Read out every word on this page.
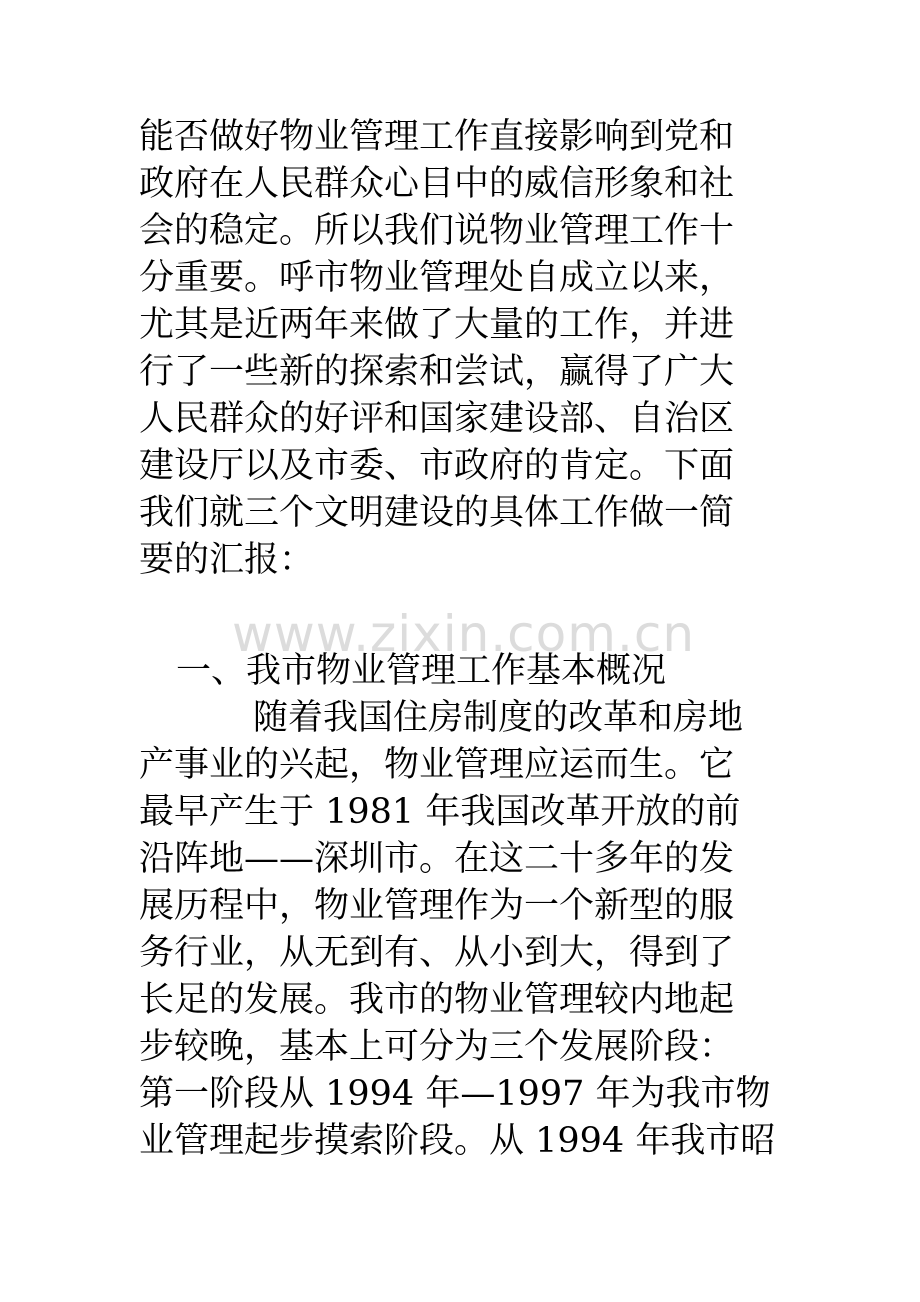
能否做好物业管理工作直接影响到党和
政府在人民群众心目中的威信形象和社
会的稳定。所以我们说物业管理工作十
分重要。呼市物业管理处自成立以来，
尤其是近两年来做了大量的工作，并进
行了一些新的探索和尝试，赢得了广大
人民群众的好评和国家建设部、自治区
建设厅以及市委、市政府的肯定。下面
我们就三个文明建设的具体工作做一简
要的汇报：
www.zixin.com.cn
一、我市物业管理工作基本概况
随着我国住房制度的改革和房地
产事业的兴起，物业管理应运而生。它
最早产生于 1981 年我国改革开放的前
沿阵地——深圳市。在这二十多年的发
展历程中，物业管理作为一个新型的服
务行业，从无到有、从小到大，得到了
长足的发展。我市的物业管理较内地起
步较晚，基本上可分为三个发展阶段：
第一阶段从 1994 年—1997 年为我市物
业管理起步摸索阶段。从 1994 年我市昭
